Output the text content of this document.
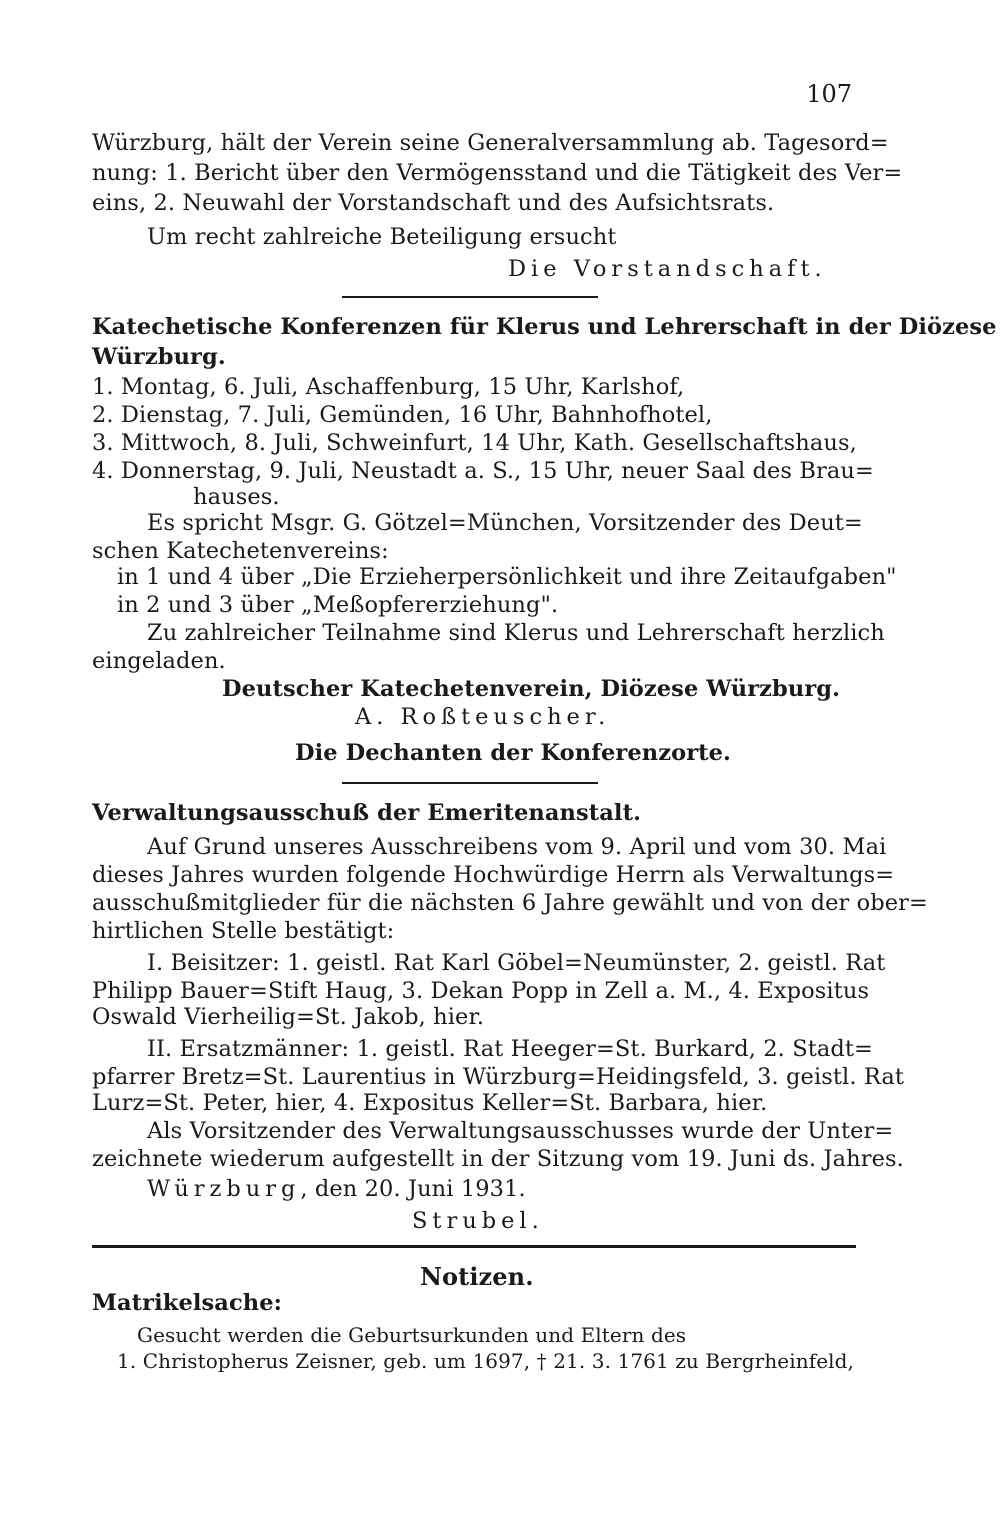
107
Würzburg, hält der Verein seine Generalversammlung ab. Tagesord=
nung: 1. Bericht über den Vermögensstand und die Tätigkeit des Ver=
eins, 2. Neuwahl der Vorstandschaft und des Aufsichtsrats.
Um recht zahlreiche Beteiligung ersucht
Die Vorstandschaft.
Katechetische Konferenzen für Klerus und Lehrerschaft in der Diözese
Würzburg.
1. Montag, 6. Juli, Aschaffenburg, 15 Uhr, Karlshof,
2. Dienstag, 7. Juli, Gemünden, 16 Uhr, Bahnhofhotel,
3. Mittwoch, 8. Juli, Schweinfurt, 14 Uhr, Kath. Gesellschaftshaus,
4. Donnerstag, 9. Juli, Neustadt a. S., 15 Uhr, neuer Saal des Brau=
hauses.
Es spricht Msgr. G. Götzel=München, Vorsitzender des Deut=
schen Katechetenvereins:
in 1 und 4 über „Die Erzieherpersönlichkeit und ihre Zeitaufgaben"
in 2 und 3 über „Meßopfererziehung".
Zu zahlreicher Teilnahme sind Klerus und Lehrerschaft herzlich
eingeladen.
Deutscher Katechetenverein, Diözese Würzburg.
A. Roßteuscher.
Die Dechanten der Konferenzorte.
Verwaltungsausschuß der Emeritenanstalt.
Auf Grund unseres Ausschreibens vom 9. April und vom 30. Mai
dieses Jahres wurden folgende Hochwürdige Herrn als Verwaltungs=
ausschußmitglieder für die nächsten 6 Jahre gewählt und von der ober=
hirtlichen Stelle bestätigt:
I. Beisitzer: 1. geistl. Rat Karl Göbel=Neumünster, 2. geistl. Rat
Philipp Bauer=Stift Haug, 3. Dekan Popp in Zell a. M., 4. Expositus
Oswald Vierheilig=St. Jakob, hier.
II. Ersatzmänner: 1. geistl. Rat Heeger=St. Burkard, 2. Stadt=
pfarrer Bretz=St. Laurentius in Würzburg=Heidingsfeld, 3. geistl. Rat
Lurz=St. Peter, hier, 4. Expositus Keller=St. Barbara, hier.
Als Vorsitzender des Verwaltungsausschusses wurde der Unter=
zeichnete wiederum aufgestellt in der Sitzung vom 19. Juni ds. Jahres.
Würzburg, den 20. Juni 1931.
Strubel.
Notizen.
Matrikelsache:
Gesucht werden die Geburtsurkunden und Eltern des
1. Christopherus Zeisner, geb. um 1697, † 21. 3. 1761 zu Bergrheinfeld,
